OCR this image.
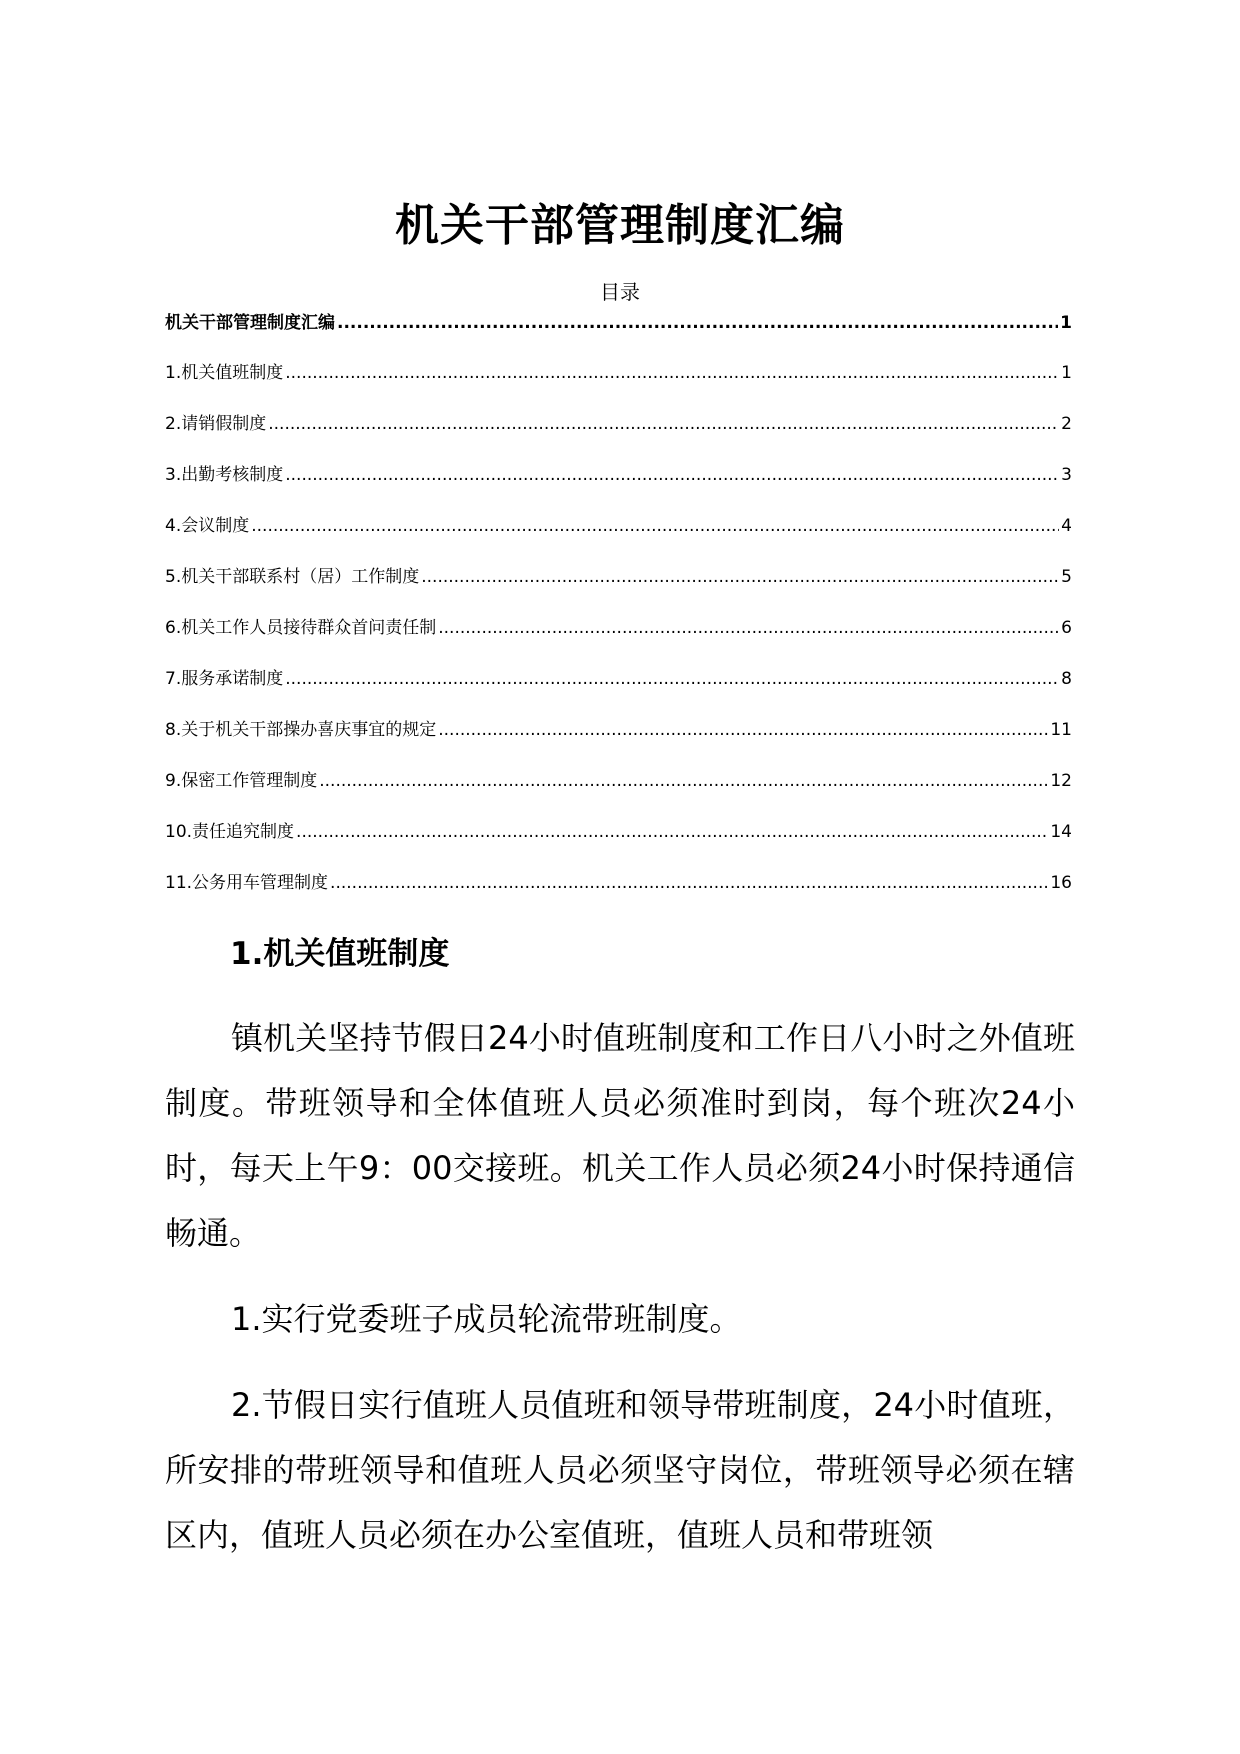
机关干部管理制度汇编
目录
机关干部管理制度汇编 .....	1
1.机关值班制度 .....	1
2.请销假制度 .....	2
3.出勤考核制度 .....	3
4.会议制度 .....	4
5.机关干部联系村（居）工作制度 .....	5
6.机关工作人员接待群众首问责任制 .....	6
7.服务承诺制度 .....	8
8.关于机关干部操办喜庆事宜的规定 .....	11
9.保密工作管理制度 .....	12
10.责任追究制度 .....	14
11.公务用车管理制度 .....	16
1.机关值班制度

镇机关坚持节假日24小时值班制度和工作日八小时之外值班制度。带班领导和全体值班人员必须准时到岗，每个班次24小时，每天上午9：00交接班。机关工作人员必须24小时保持通信畅通。

1.实行党委班子成员轮流带班制度。

2.节假日实行值班人员值班和领导带班制度，24小时值班，所安排的带班领导和值班人员必须坚守岗位，带班领导必须在辖区内，值班人员必须在办公室值班，值班人员和带班领
